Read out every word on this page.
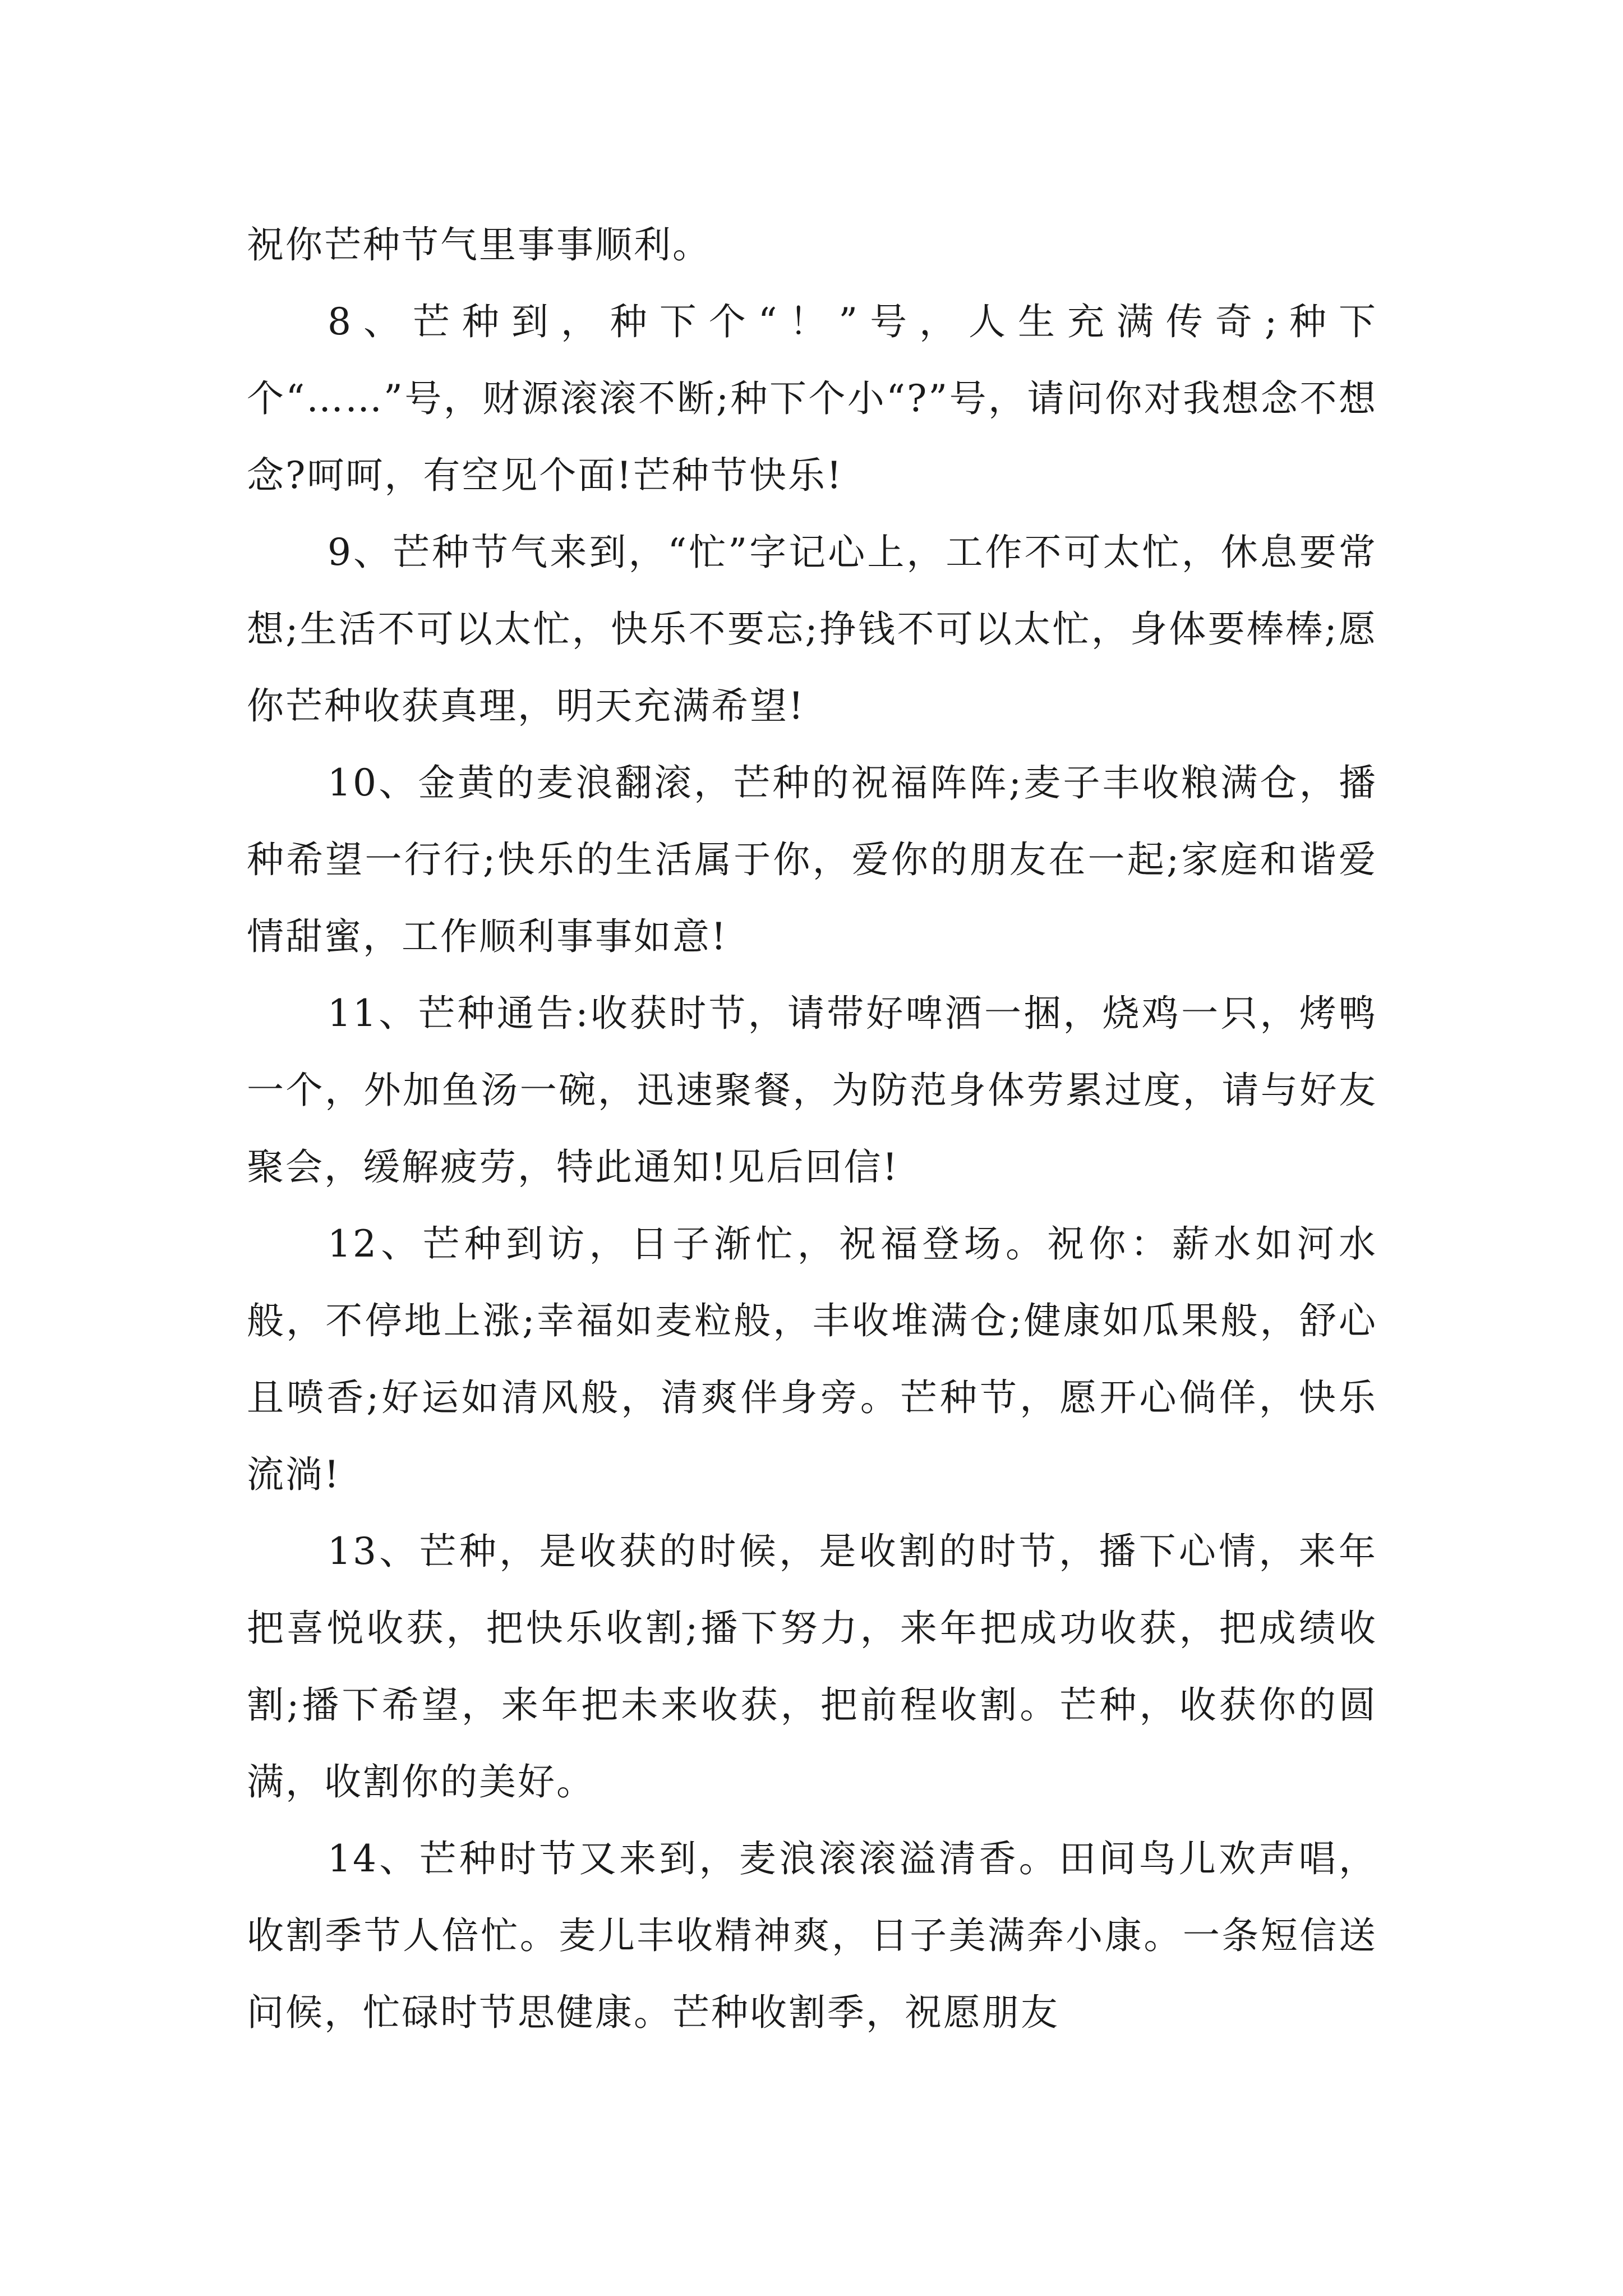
祝你芒种节气里事事顺利。

8、芒种到，种下个“！”号，人生充满传奇;种下个“……”号，财源滚滚不断;种下个小“?”号，请问你对我想念不想念?呵呵，有空见个面!芒种节快乐!

9、芒种节气来到，“忙”字记心上，工作不可太忙，休息要常想;生活不可以太忙，快乐不要忘;挣钱不可以太忙，身体要棒棒;愿你芒种收获真理，明天充满希望!

10、金黄的麦浪翻滚，芒种的祝福阵阵;麦子丰收粮满仓，播种希望一行行;快乐的生活属于你，爱你的朋友在一起;家庭和谐爱情甜蜜，工作顺利事事如意!

11、芒种通告:收获时节，请带好啤酒一捆，烧鸡一只，烤鸭一个，外加鱼汤一碗，迅速聚餐，为防范身体劳累过度，请与好友聚会，缓解疲劳，特此通知!见后回信!

12、芒种到访，日子渐忙，祝福登场。祝你：薪水如河水般，不停地上涨;幸福如麦粒般，丰收堆满仓;健康如瓜果般，舒心且喷香;好运如清风般，清爽伴身旁。芒种节，愿开心倘佯，快乐流淌!

13、芒种，是收获的时候，是收割的时节，播下心情，来年把喜悦收获，把快乐收割;播下努力，来年把成功收获，把成绩收割;播下希望，来年把未来收获，把前程收割。芒种，收获你的圆满，收割你的美好。

14、芒种时节又来到，麦浪滚滚溢清香。田间鸟儿欢声唱，收割季节人倍忙。麦儿丰收精神爽，日子美满奔小康。一条短信送问候，忙碌时节思健康。芒种收割季，祝愿朋友
